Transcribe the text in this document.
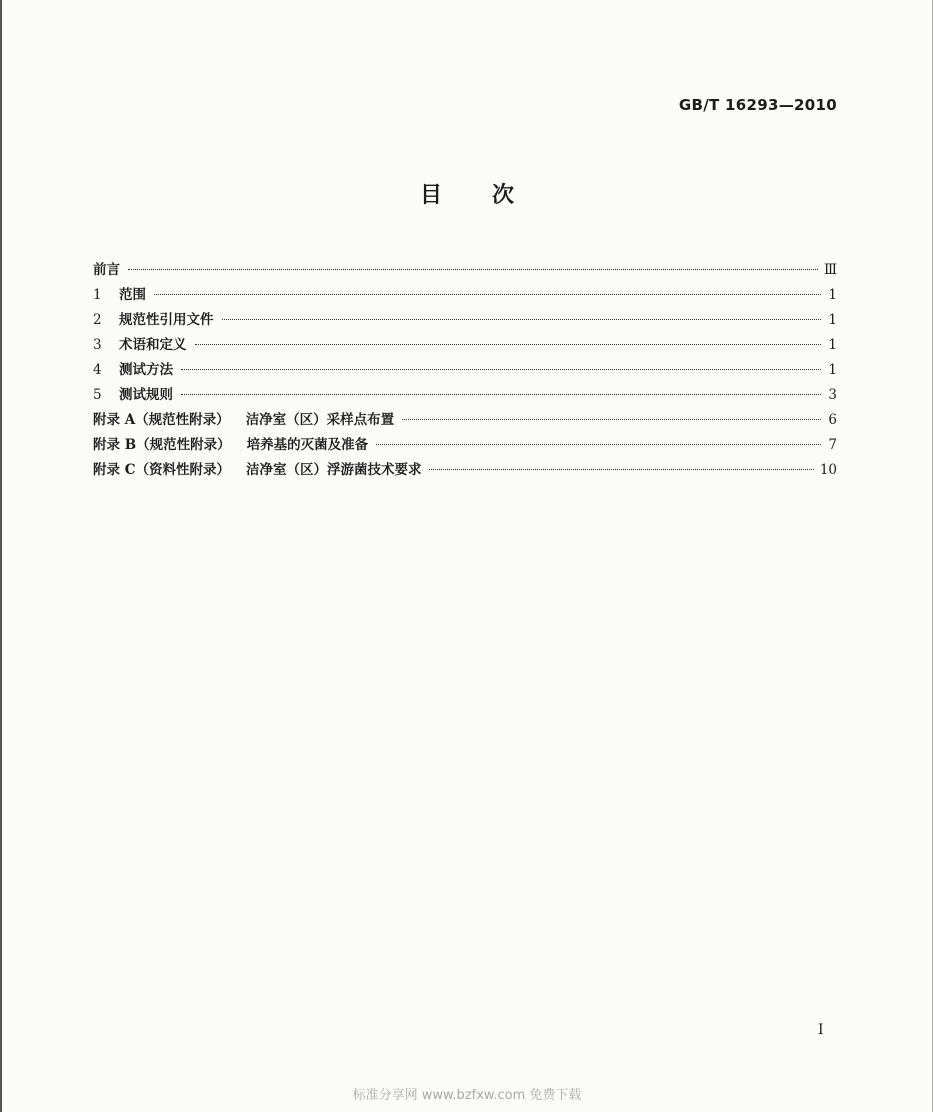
GB/T 16293—2010
目次
前言	Ⅲ
1	范围	1
2	规范性引用文件	1
3	术语和定义	1
4	测试方法	1
5	测试规则	3
附录 A（规范性附录） 洁净室（区）采样点布置	6
附录 B（规范性附录） 培养基的灭菌及准备	7
附录 C（资料性附录） 洁净室（区）浮游菌技术要求	10
I
标准分享网 www.bzfxw.com 免费下载
